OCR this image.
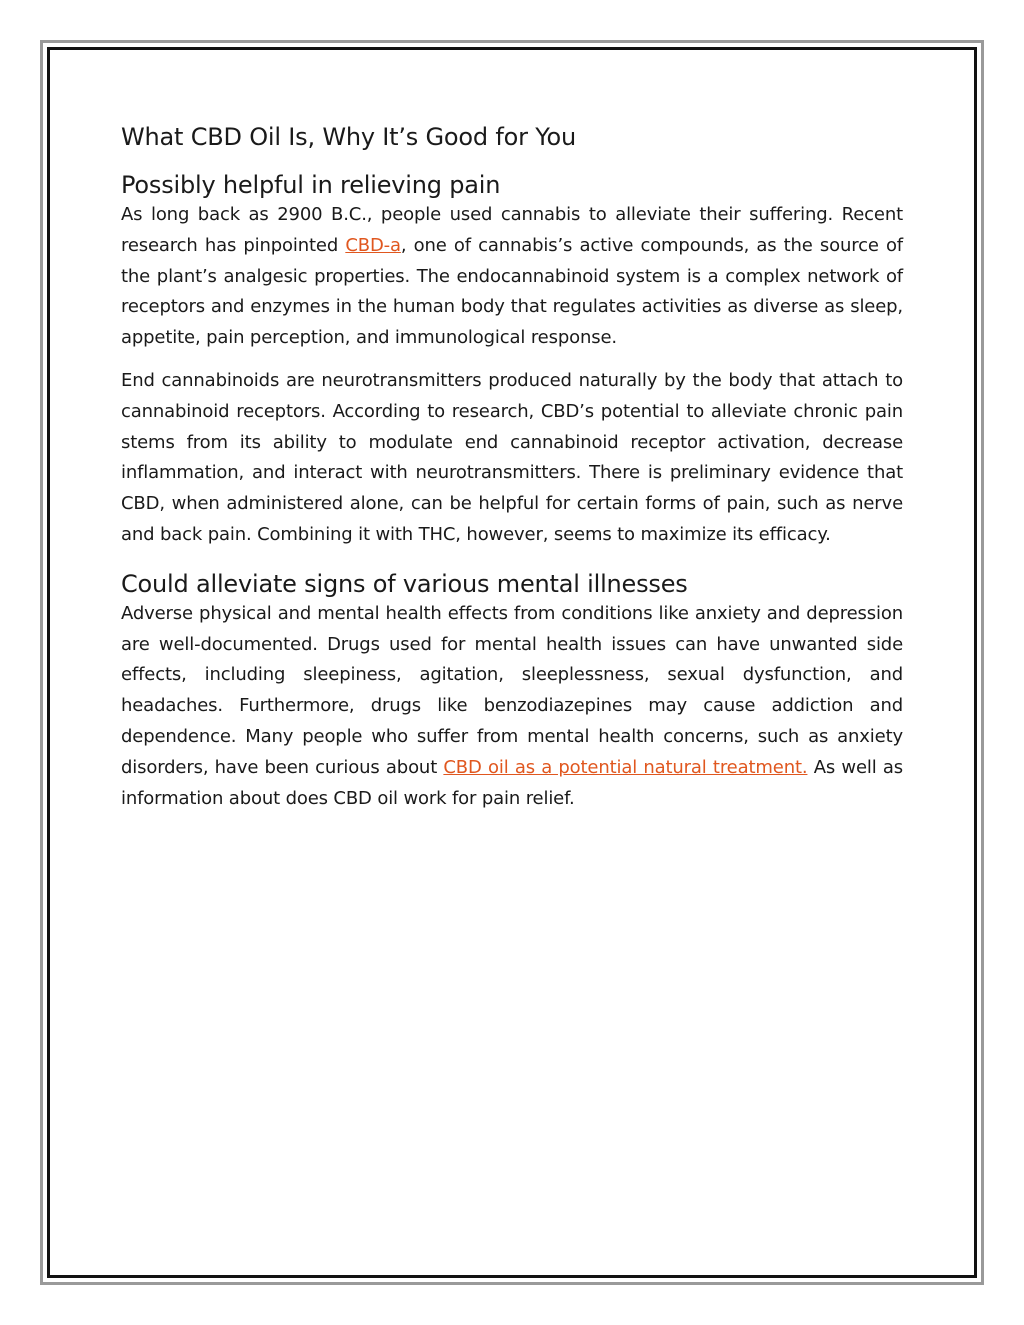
What CBD Oil Is, Why It’s Good for You
Possibly helpful in relieving pain

As long back as 2900 B.C., people used cannabis to alleviate their suffering. Recent research has pinpointed CBD-a, one of cannabis’s active compounds, as the source of the plant’s analgesic properties. The endocannabinoid system is a complex network of receptors and enzymes in the human body that regulates activities as diverse as sleep, appetite, pain perception, and immunological response.

End cannabinoids are neurotransmitters produced naturally by the body that attach to cannabinoid receptors. According to research, CBD’s potential to alleviate chronic pain stems from its ability to modulate end cannabinoid receptor activation, decrease inflammation, and interact with neurotransmitters. There is preliminary evidence that CBD, when administered alone, can be helpful for certain forms of pain, such as nerve and back pain. Combining it with THC, however, seems to maximize its efficacy.

Could alleviate signs of various mental illnesses

Adverse physical and mental health effects from conditions like anxiety and depression are well-documented. Drugs used for mental health issues can have unwanted side effects, including sleepiness, agitation, sleeplessness, sexual dysfunction, and headaches. Furthermore, drugs like benzodiazepines may cause addiction and dependence. Many people who suffer from mental health concerns, such as anxiety disorders, have been curious about CBD oil as a potential natural treatment. As well as information about does CBD oil work for pain relief.
